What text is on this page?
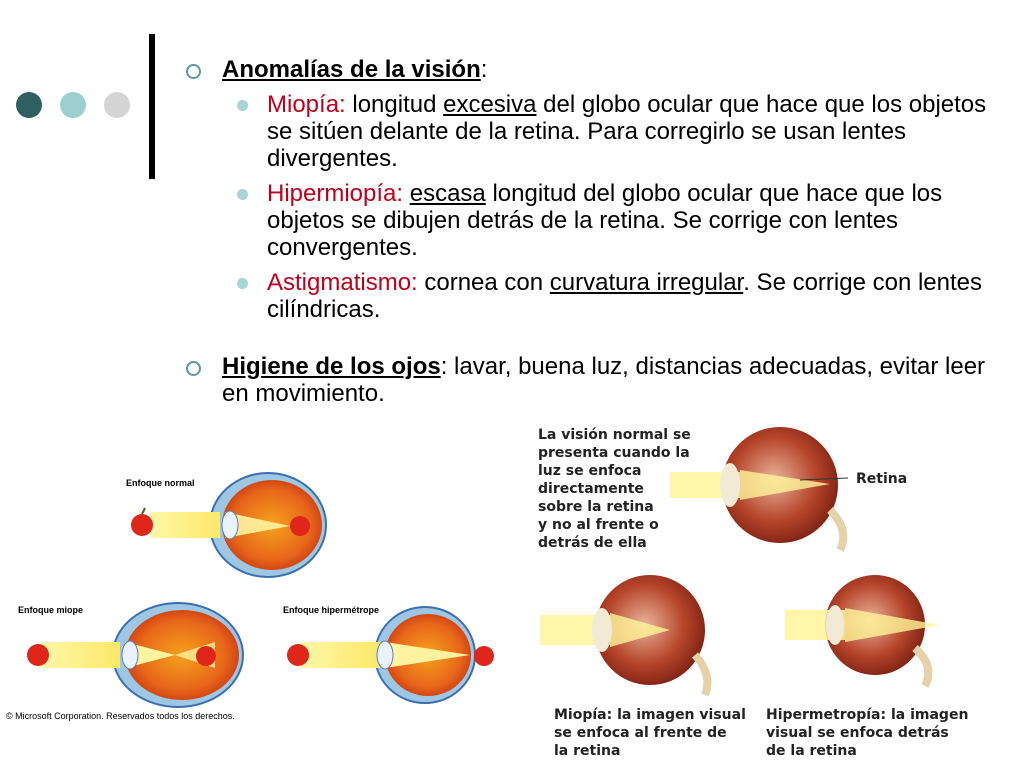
Anomalías de la visión:
Miopía: longitud excesiva del globo ocular que hace que los objetos se sitúen delante de la retina. Para corregirlo se usan lentes divergentes.
Hipermiopía: escasa longitud del globo ocular que hace que los objetos se dibujen detrás de la retina. Se corrige con lentes convergentes.
Astigmatismo: cornea con curvatura irregular. Se corrige con lentes cilíndricas.
Higiene de los ojos: lavar, buena luz, distancias adecuadas, evitar leer en movimiento.
Enfoque normal
Enfoque miope	Enfoque hipermétrope
© Microsoft Corporation. Reservados todos los derechos.
La visión normal se
presenta cuando la
luz se enfoca
directamente
sobre la retina
y no al frente o
detrás de ella
Retina
Miopía: la imagen visual
se enfoca al frente de
la retina
Hipermetropía: la imagen
visual se enfoca detrás
de la retina
